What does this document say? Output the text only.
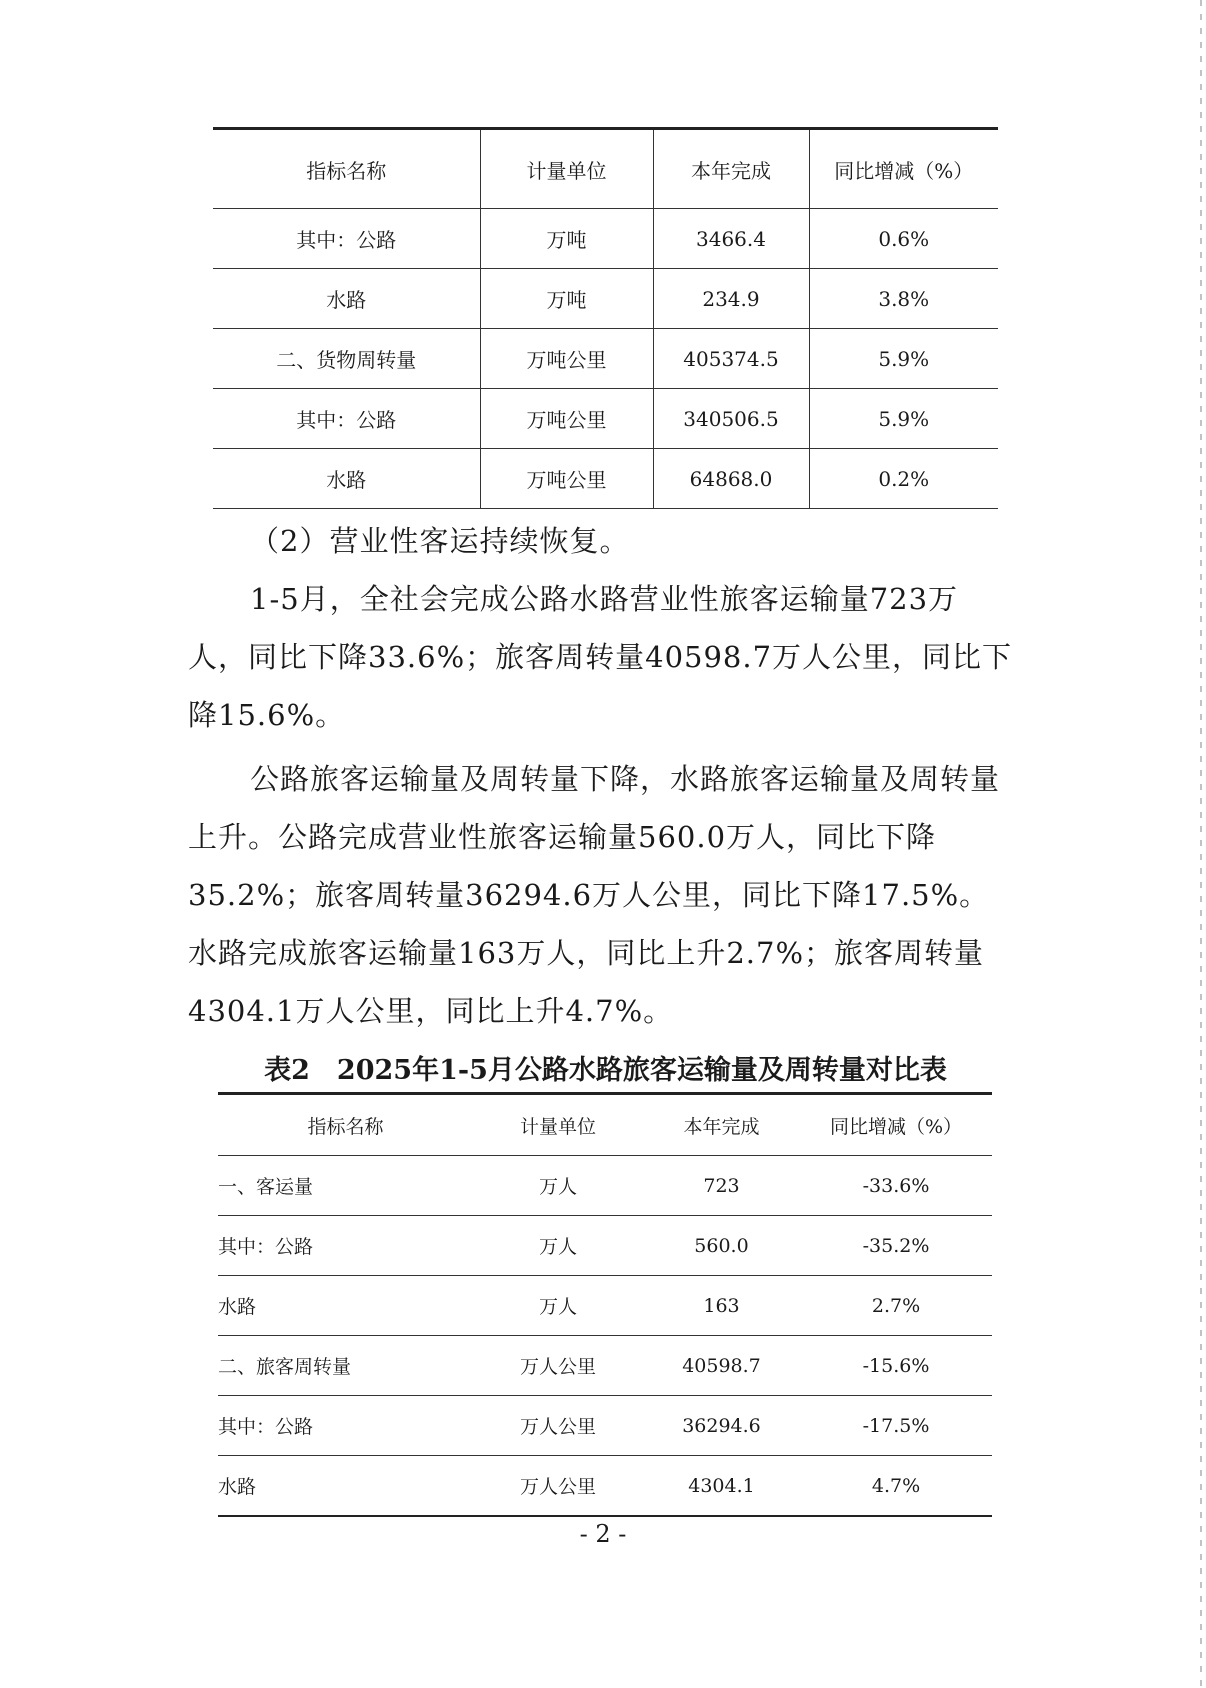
指标名称	计量单位	本年完成	同比增减（%）
其中：公路	万吨	3466.4	0.6%
水路	万吨	234.9	3.8%
二、货物周转量	万吨公里	405374.5	5.9%
其中：公路	万吨公里	340506.5	5.9%
水路	万吨公里	64868.0	0.2%

（2）营业性客运持续恢复。

1-5月，全社会完成公路水路营业性旅客运输量723万人，同比下降33.6%；旅客周转量40598.7万人公里，同比下降15.6%。

公路旅客运输量及周转量下降，水路旅客运输量及周转量上升。公路完成营业性旅客运输量560.0万人，同比下降35.2%；旅客周转量36294.6万人公里，同比下降17.5%。水路完成旅客运输量163万人，同比上升2.7%；旅客周转量4304.1万人公里，同比上升4.7%。

表2　2025年1-5月公路水路旅客运输量及周转量对比表

指标名称	计量单位	本年完成	同比增减（%）
一、客运量	万人	723	-33.6%
其中：公路	万人	560.0	-35.2%
水路	万人	163	2.7%
二、旅客周转量	万人公里	40598.7	-15.6%
其中：公路	万人公里	36294.6	-17.5%
水路	万人公里	4304.1	4.7%
- 2 -
